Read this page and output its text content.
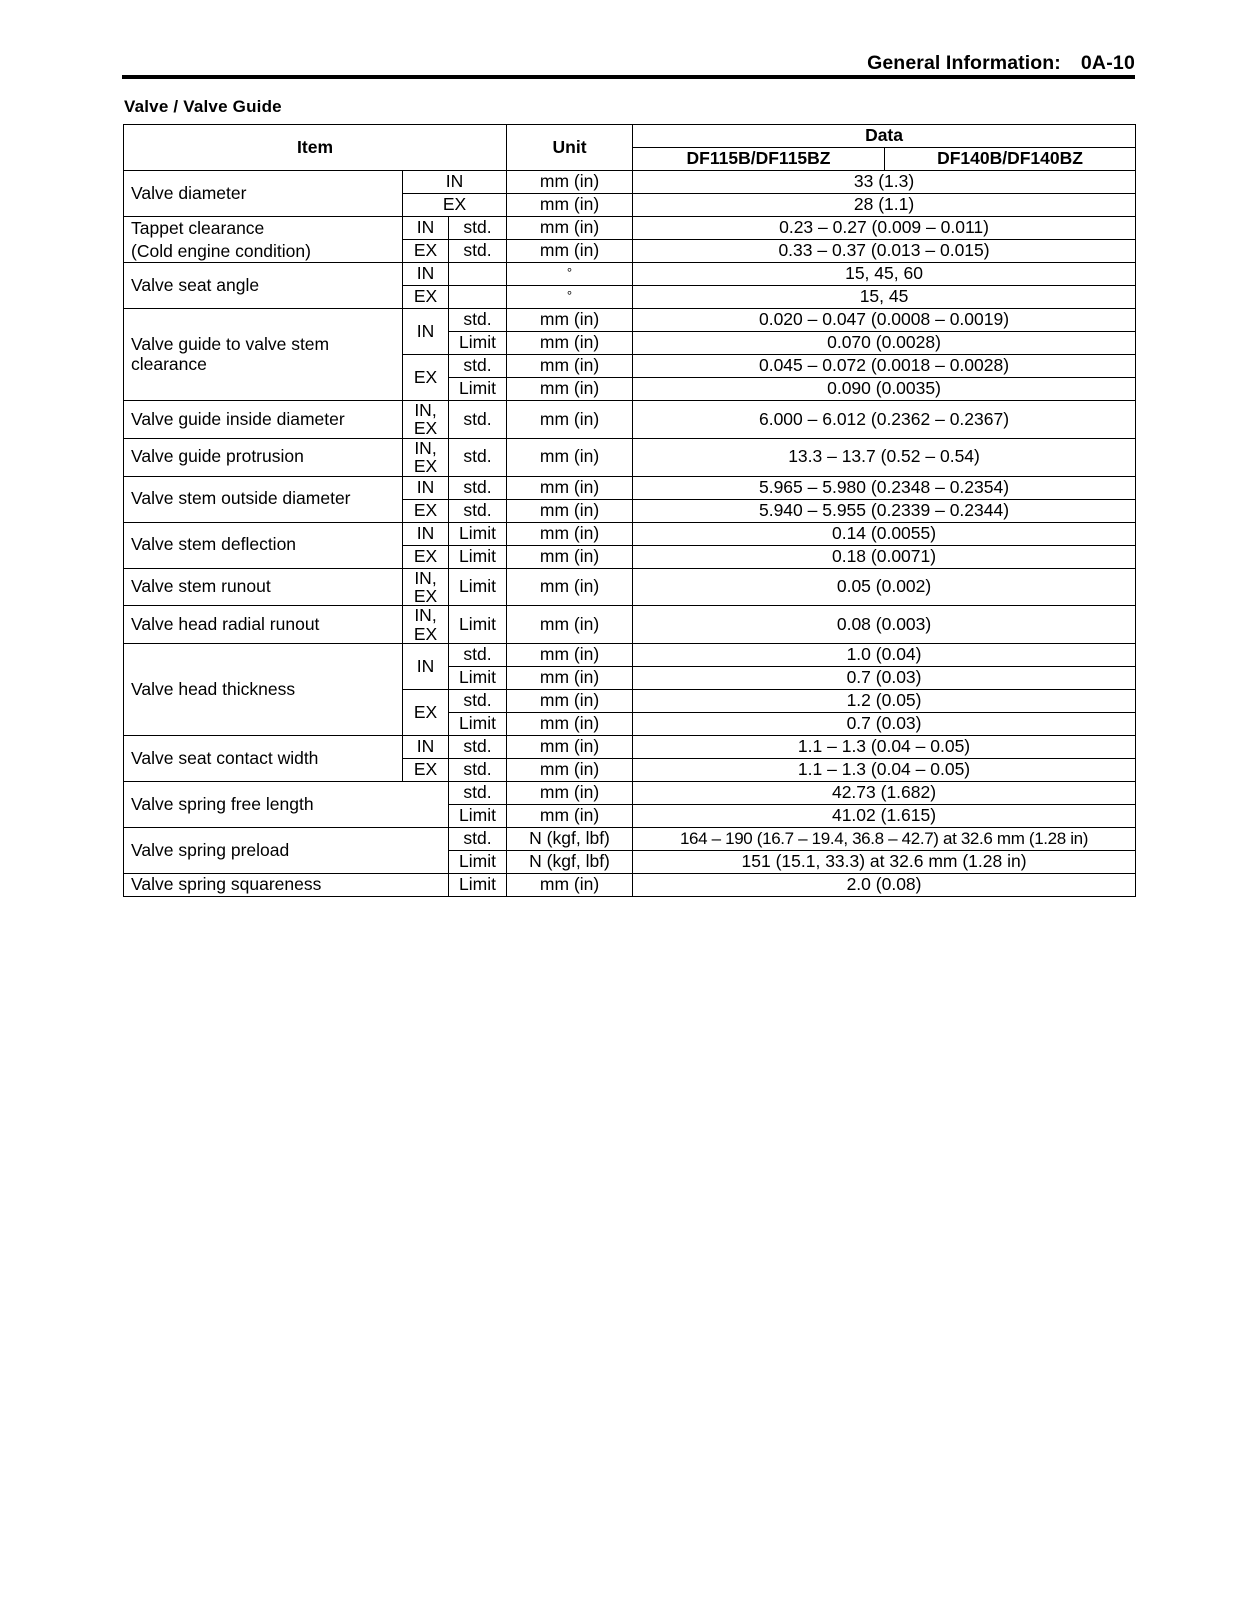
General Information: 0A-10
Valve / Valve Guide
Item			Unit	Data	
				DF115B/DF115BZ	DF140B/DF140BZ
Valve diameter	IN		mm (in)	33 (1.3)	
	EX		mm (in)	28 (1.1)	

Tappet clearance
(Cold engine condition)	IN	std.	mm (in)	0.23 – 0.27 (0.009 – 0.011)	
	EX	std.	mm (in)	0.33 – 0.37 (0.013 – 0.015)	
Valve seat angle	IN		°	15, 45, 60	
	EX		°	15, 45	
Valve guide to valve stem clearance	IN	std.	mm (in)	0.020 – 0.047 (0.0008 – 0.0019)	
		Limit	mm (in)	0.070 (0.0028)	
	EX	std.	mm (in)	0.045 – 0.072 (0.0018 – 0.0028)	
		Limit	mm (in)	0.090 (0.0035)	
Valve guide inside diameter	IN,
EX	std.	mm (in)	6.000 – 6.012 (0.2362 – 0.2367)	
Valve guide protrusion	IN,
EX	std.	mm (in)	13.3 – 13.7 (0.52 – 0.54)	
Valve stem outside diameter	IN	std.	mm (in)	5.965 – 5.980 (0.2348 – 0.2354)	
	EX	std.	mm (in)	5.940 – 5.955 (0.2339 – 0.2344)	
Valve stem deflection	IN	Limit	mm (in)	0.14 (0.0055)	
	EX	Limit	mm (in)	0.18 (0.0071)	
Valve stem runout	IN,
EX	Limit	mm (in)	0.05 (0.002)	
Valve head radial runout	IN,
EX	Limit	mm (in)	0.08 (0.003)	
Valve head thickness	IN	std.	mm (in)	1.0 (0.04)	
		Limit	mm (in)	0.7 (0.03)	
	EX	std.	mm (in)	1.2 (0.05)	
		Limit	mm (in)	0.7 (0.03)	
Valve seat contact width	IN	std.	mm (in)	1.1 – 1.3 (0.04 – 0.05)	
	EX	std.	mm (in)	1.1 – 1.3 (0.04 – 0.05)	
Valve spring free length		std.	mm (in)	42.73 (1.682)	
		Limit	mm (in)	41.02 (1.615)	
Valve spring preload		std.	N (kgf, lbf)	164 – 190 (16.7 – 19.4, 36.8 – 42.7) at 32.6 mm (1.28 in)	
		Limit	N (kgf, lbf)	151 (15.1, 33.3) at 32.6 mm (1.28 in)	
Valve spring squareness		Limit	mm (in)	2.0 (0.08)	
